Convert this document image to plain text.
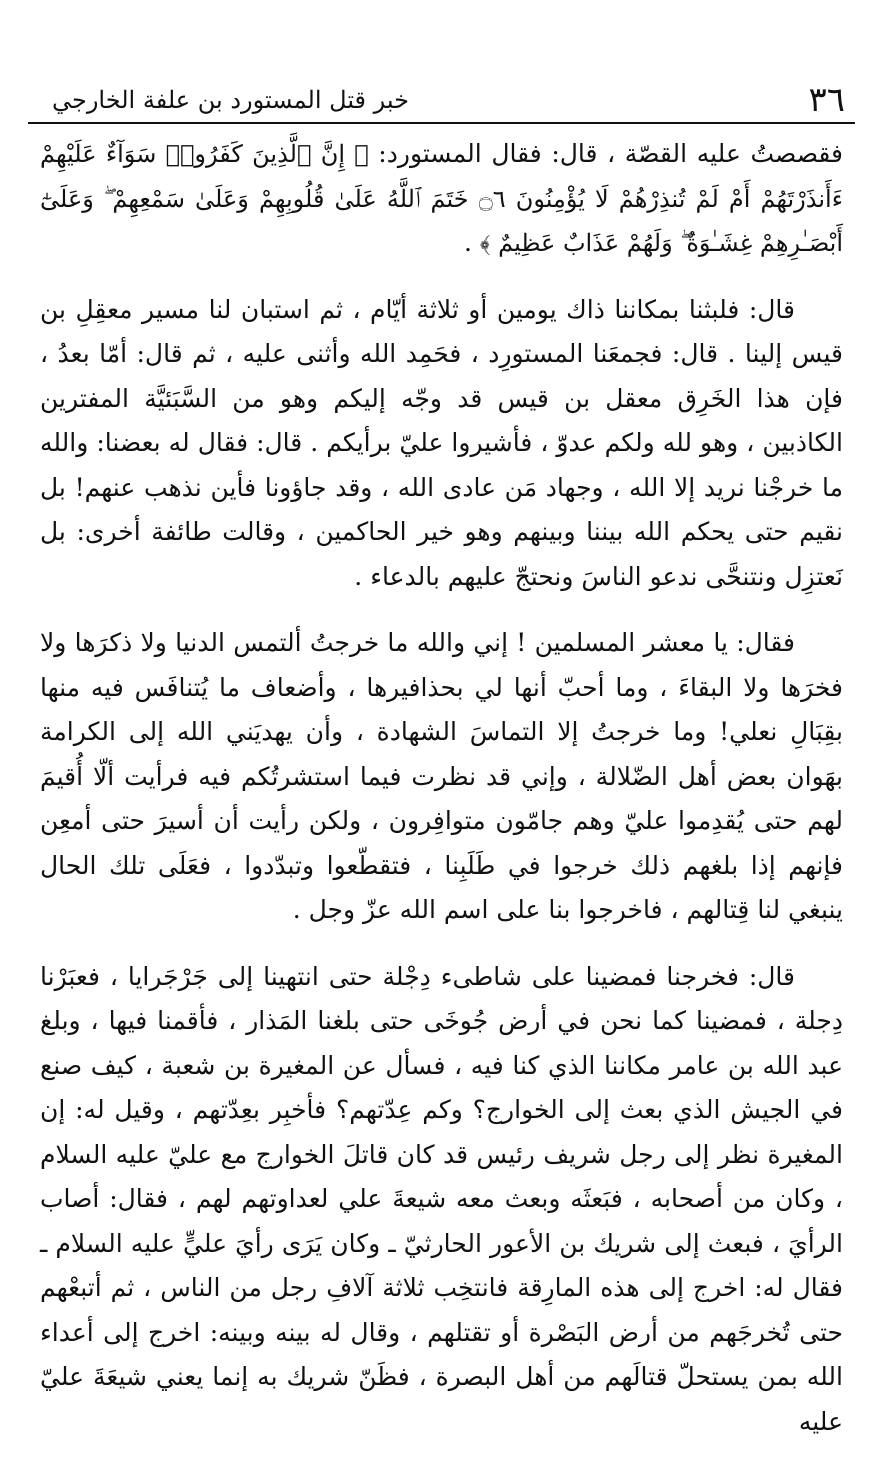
٣٦
خبر قتل المستورد بن علفة الخارجي

فقصصتُ عليه القصّة ، قال: فقال المستورد: ﴿ إِنَّ ٱلَّذِينَ كَفَرُوا۟ سَوَآءٌ عَلَيْهِمْ ءَأَنذَرْتَهُمْ أَمْ لَمْ تُنذِرْهُمْ لَا يُؤْمِنُونَ ۝٦ خَتَمَ ٱللَّهُ عَلَىٰ قُلُوبِهِمْ وَعَلَىٰ سَمْعِهِمْ ۖ وَعَلَىٰٓ أَبْصَـٰرِهِمْ غِشَـٰوَةٌ ۖ وَلَهُمْ عَذَابٌ عَظِيمٌ ﴾ .

قال: فلبثنا بمكاننا ذاك يومين أو ثلاثة أيّام ، ثم استبان لنا مسير معقِلِ بن قيس إلينا . قال: فجمعَنا المستورِد ، فحَمِد الله وأثنى عليه ، ثم قال: أمّا بعدُ ، فإن هذا الخَرِق معقل بن قيس قد وجّه إليكم وهو من السَّبَئيَّة المفترين الكاذبين ، وهو لله ولكم عدوّ ، فأشيروا عليّ برأيكم . قال: فقال له بعضنا: والله ما خرجْنا نريد إلا الله ، وجهاد مَن عادى الله ، وقد جاؤونا فأين نذهب عنهم! بل نقيم حتى يحكم الله بيننا وبينهم وهو خير الحاكمين ، وقالت طائفة أخرى: بل نَعتزِل ونتنحَّى ندعو الناسَ ونحتجّ عليهم بالدعاء .

فقال: يا معشر المسلمين ! إني والله ما خرجتُ ألتمس الدنيا ولا ذكرَها ولا فخرَها ولا البقاءَ ، وما أحبّ أنها لي بحذافيرها ، وأضعاف ما يُتنافَس فيه منها بقِبَالِ نعلي! وما خرجتُ إلا التماسَ الشهادة ، وأن يهديَني الله إلى الكرامة بهَوان بعض أهل الضّلالة ، وإني قد نظرت فيما استشرتُكم فيه فرأيت ألّا أُقيمَ لهم حتى يُقدِموا عليّ وهم جامّون متوافِرون ، ولكن رأيت أن أسيرَ حتى أمعِن فإنهم إذا بلغهم ذلك خرجوا في طَلَبِنا ، فتقطّعوا وتبدّدوا ، فعَلَى تلك الحال ينبغي لنا قِتالهم ، فاخرجوا بنا على اسم الله عزّ وجل .

قال: فخرجنا فمضينا على شاطىء دِجْلة حتى انتهينا إلى جَرْجَرايا ، فعبَرْنا دِجلة ، فمضينا كما نحن في أرض جُوخَى حتى بلغنا المَذار ، فأقمنا فيها ، وبلغ عبد الله بن عامر مكاننا الذي كنا فيه ، فسأل عن المغيرة بن شعبة ، كيف صنع في الجيش الذي بعث إلى الخوارج؟ وكم عِدّتهم؟ فأخبِر بعِدّتهم ، وقيل له: إن المغيرة نظر إلى رجل شريف رئيس قد كان قاتلَ الخوارج مع عليّ عليه السلام ، وكان من أصحابه ، فبَعثَه وبعث معه شيعةَ علي لعداوتهم لهم ، فقال: أصاب الرأيَ ، فبعث إلى شريك بن الأعور الحارثيّ ـ وكان يَرَى رأيَ عليٍّ عليه السلام ـ فقال له: اخرج إلى هذه المارِقة فانتخِب ثلاثة آلافِ رجل من الناس ، ثم أتبعْهم حتى تُخرجَهم من أرض البَصْرة أو تقتلهم ، وقال له بينه وبينه: اخرج إلى أعداء الله بمن يستحلّ قتالَهم من أهل البصرة ، فظَنّ شريك به إنما يعني شيعَةَ عليّ عليه
